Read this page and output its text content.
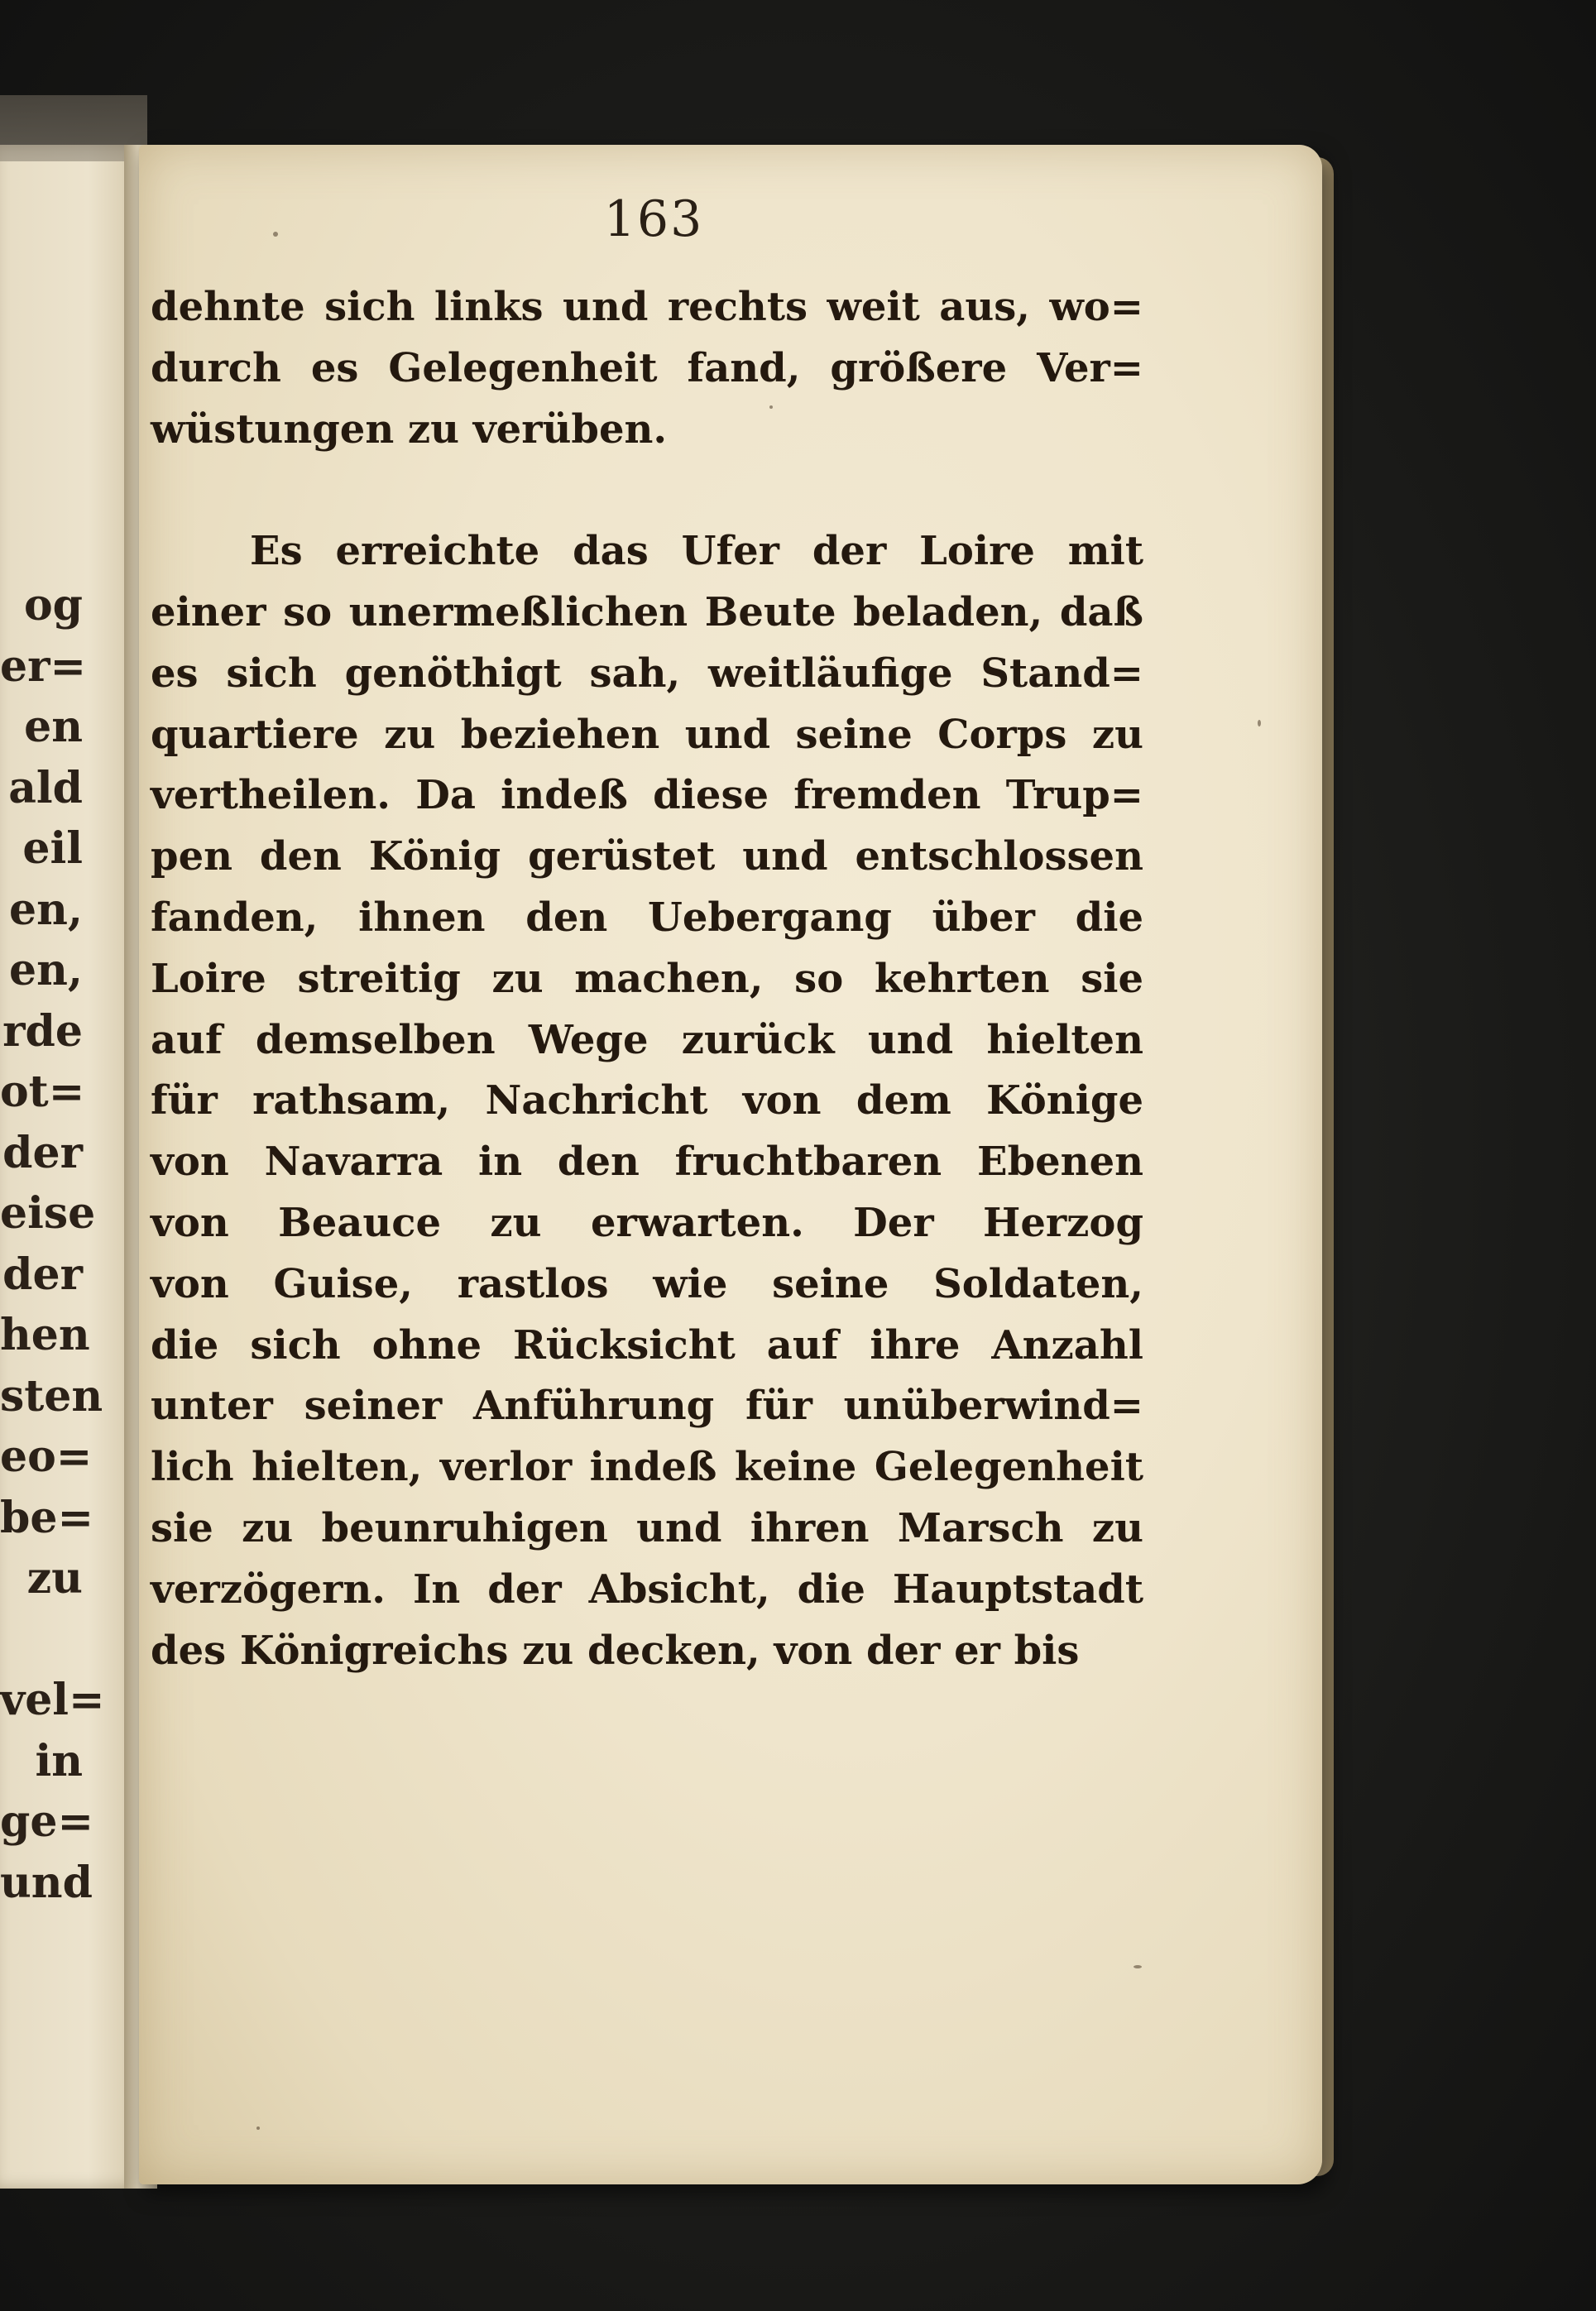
og
er=
en
ald
eil
en,
en,
rde
ot=
der
eise
der
hen
sten
eo=
be=
zu
vel=
in
ge=
und
163
dehnte sich links und rechts weit aus, wo=
durch es Gelegenheit fand, größere Ver=
wüstungen zu verüben.
Es erreichte das Ufer der Loire mit
einer so unermeßlichen Beute beladen, daß
es sich genöthigt sah, weitläufige Stand=
quartiere zu beziehen und seine Corps zu
vertheilen. Da indeß diese fremden Trup=
pen den König gerüstet und entschlossen
fanden, ihnen den Uebergang über die
Loire streitig zu machen, so kehrten sie
auf demselben Wege zurück und hielten
für rathsam, Nachricht von dem Könige
von Navarra in den fruchtbaren Ebenen
von Beauce zu erwarten. Der Herzog
von Guise, rastlos wie seine Soldaten,
die sich ohne Rücksicht auf ihre Anzahl
unter seiner Anführung für unüberwind=
lich hielten, verlor indeß keine Gelegenheit
sie zu beunruhigen und ihren Marsch zu
verzögern. In der Absicht, die Hauptstadt
des Königreichs zu decken, von der er bis
